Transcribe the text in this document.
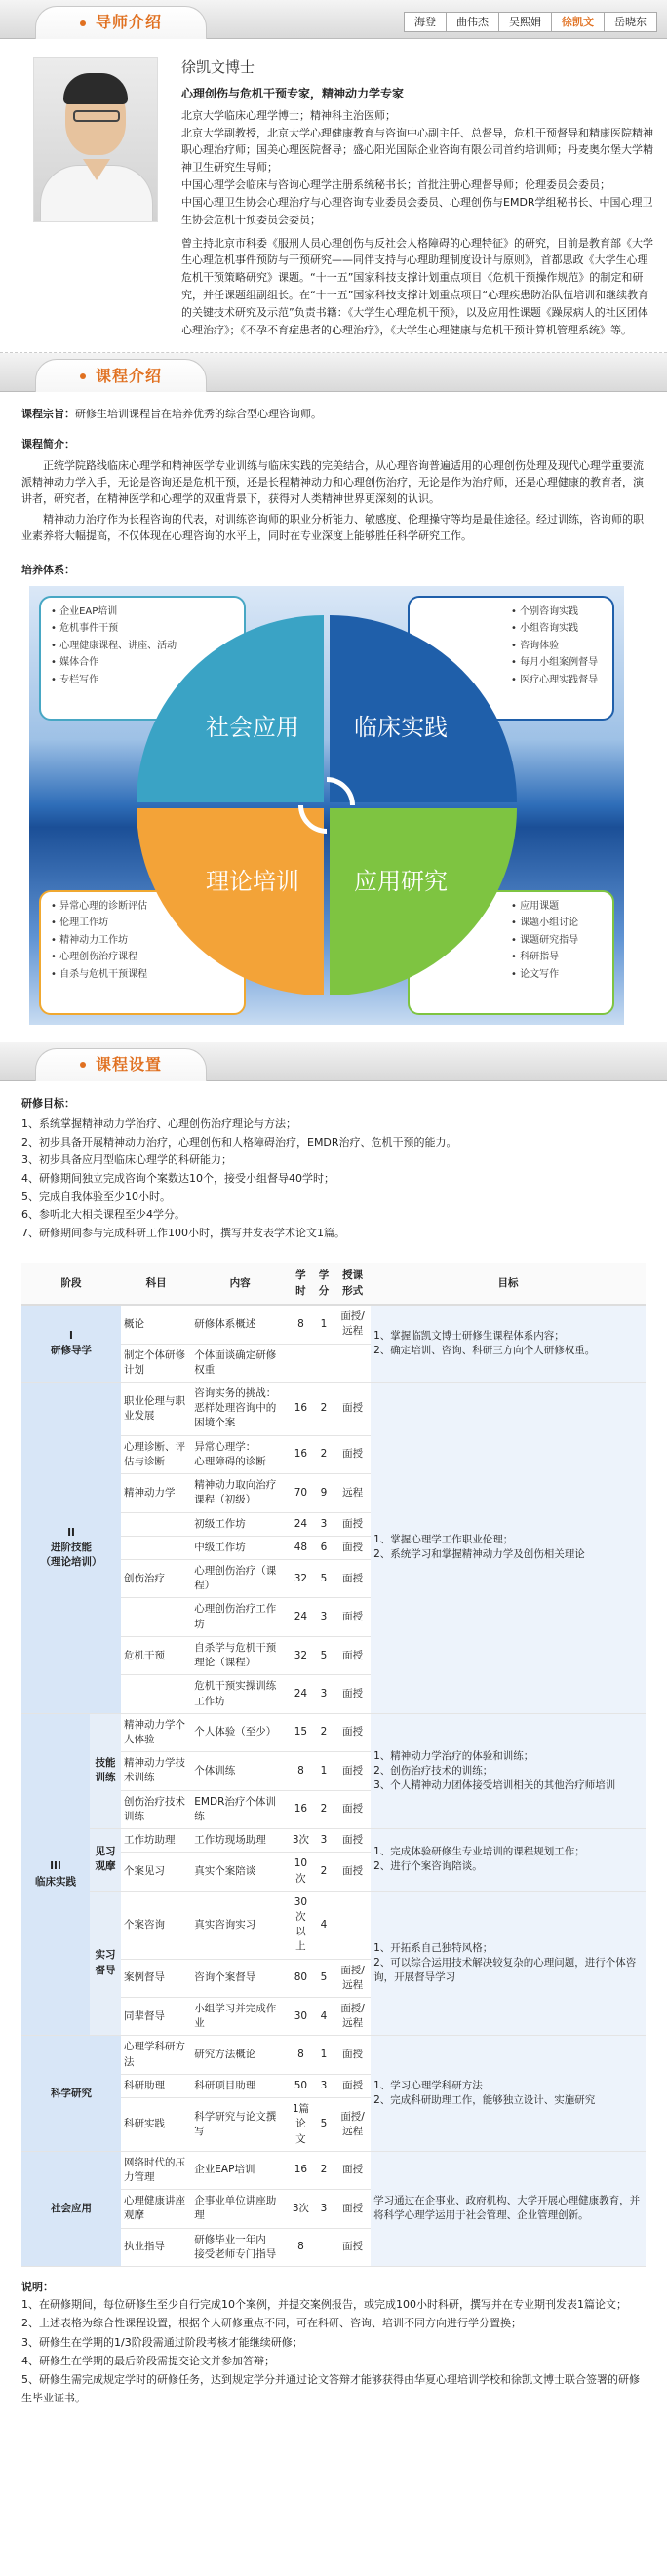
导师介绍	海登	曲伟杰	吴熙娟	徐凯文	岳晓东
徐凯文博士
心理创伤与危机干预专家，精神动力学专家

北京大学临床心理学博士；精神科主治医师；

北京大学副教授，北京大学心理健康教育与咨询中心副主任、总督导，危机干预督导和精康医院精神职心理治疗师；国美心理医院督导；盛心阳光国际企业咨询有限公司首约培训师；丹麦奥尔堡大学精神卫生研究生导师；

中国心理学会临床与咨询心理学注册系统秘书长；首批注册心理督导师；伦理委员会委员；

中国心理卫生协会心理治疗与心理咨询专业委员会委员、心理创伤与EMDR学组秘书长、中国心理卫生协会危机干预委员会委员；

曾主持北京市科委《服刑人员心理创伤与反社会人格障碍的心理特征》的研究，目前是教育部《大学生心理危机事件预防与干预研究——同伴支持与心理助理制度设计与原则》，首都思政《大学生心理危机干预策略研究》课题。“十一五”国家科技支撑计划重点项目《危机干预操作规范》的制定和研究，并任课题组副组长。在“十一五”国家科技支撑计划重点项目“心理疾患防治队伍培训和继续教育的关键技术研究及示范”负责书籍：《大学生心理危机干预》，以及应用性课题《躁尿病人的社区团体心理治疗》；《不孕不育症患者的心理治疗》，《大学生心理健康与危机干预计算机管理系统》等。

课程介绍

课程宗旨：研修生培训课程旨在培养优秀的综合型心理咨询师。

课程简介：

正统学院路线临床心理学和精神医学专业训练与临床实践的完美结合，从心理咨询普遍适用的心理创伤处理及现代心理学重要流派精神动力学入手，无论是咨询还是危机干预，还是长程精神动力和心理创伤治疗，无论是作为治疗师，还是心理健康的教育者，演讲者，研究者，在精神医学和心理学的双重背景下，获得对人类精神世界更深刻的认识。

精神动力治疗作为长程咨询的代表，对训练咨询师的职业分析能力、敏感度、伦理操守等均是最佳途径。经过训练，咨询师的职业素养将大幅提高，不仅体现在心理咨询的水平上，同时在专业深度上能够胜任科学研究工作。

培养体系：
• 企业EAP培训
• 危机事件干预
• 心理健康课程、讲座、活动
• 媒体合作
• 专栏写作
• 个别咨询实践
• 小组咨询实践
• 咨询体验
• 每月小组案例督导
• 医疗心理实践督导
• 异常心理的诊断评估
• 伦理工作坊
• 精神动力工作坊
• 心理创伤治疗课程
• 自杀与危机干预课程
• 应用课题
• 课题小组讨论
• 课题研究指导
• 科研指导
• 论文写作
社会应用 临床实践
理论培训 应用研究
课程设置
研修目标：
1、系统掌握精神动力学治疗、心理创伤治疗理论与方法；
2、初步具备开展精神动力治疗，心理创伤和人格障碍治疗，EMDR治疗、危机干预的能力。
3、初步具备应用型临床心理学的科研能力；
4、研修期间独立完成咨询个案数达10个，接受小组督导40学时；
5、完成自我体验至少10小时。
6、参听北大相关课程至少4学分。
7、研修期间参与完成科研工作100小时，撰写并发表学术论文1篇。
阶段		科目	内容	学时	学分	授课形式	目标
I
研修导学		概论	研修体系概述	8	1	面授/远程	1、掌握临凯文博士研修生课程体系内容；
2、确定培训、咨询、科研三方向个人研修权重。
		制定个体研修计划	个体面谈确定研修权重				
II
进阶技能
（理论培训）		职业伦理与职业发展	咨询实务的挑战：
恶样处理咨询中的困境个案	16	2	面授	1、掌握心理学工作职业伦理；
2、系统学习和掌握精神动力学及创伤相关理论
		心理诊断、评估与诊断	异常心理学：
心理障碍的诊断	16	2	面授	
		精神动力学	精神动力取向治疗课程（初级）	70	9	远程	
			初级工作坊	24	3	面授	
			中级工作坊	48	6	面授	
		创伤治疗	心理创伤治疗（课程）	32	5	面授	
			心理创伤治疗工作坊	24	3	面授	
		危机干预	自杀学与危机干预理论（课程）	32	5	面授	
			危机干预实操训练工作坊	24	3	面授	
III
临床实践	技能训练	精神动力学个人体验	个人体验（至少）	15	2	面授	1、精神动力学治疗的体验和训练；
2、创伤治疗技术的训练；
3、个人精神动力团体接受培训相关的其他治疗师培训
		精神动力学技术训练	个体训练	8	1	面授	
		创伤治疗技术训练	EMDR治疗个体训练	16	2	面授	
	见习观摩	工作坊助理	工作坊现场助理	3次	3	面授	1、完成体验研修生专业培训的课程规划工作；
2、进行个案咨询陪谈。
		个案见习	真实个案陪谈	10次	2	面授	
	实习督导	个案咨询	真实咨询实习	30次
以上	4		1、开拓系自己独特风格；
2、可以综合运用技术解决较复杂的心理问题，进行个体咨询，开展督导学习
		案例督导	咨询个案督导	80	5	面授/远程	
		同辈督导	小组学习并完成作业	30	4	面授/远程	
科学研究		心理学科研方法	研究方法概论	8	1	面授	1、学习心理学科研方法
2、完成科研助理工作，能够独立设计、实施研究
		科研助理	科研项目助理	50	3	面授	
		科研实践	科学研究与论文撰写	1篇
论文	5	面授/远程	
社会应用		网络时代的压力管理	企业EAP培训	16	2	面授	学习通过在企事业、政府机构、大学开展心理健康教育，并将科学心理学运用于社会管理、企业管理创新。
		心理健康讲座观摩	企事业单位讲座助理	3次	3	面授	
		执业指导	研修毕业一年内
接受老师专门指导	8		面授	
说明：
1、在研修期间，每位研修生至少自行完成10个案例，并提交案例报告，或完成100小时科研，撰写并在专业期刊发表1篇论文；
2、上述表格为综合性课程设置，根据个人研修重点不同，可在科研、咨询、培训不同方向进行学分置换；
3、研修生在学期的1/3阶段需通过阶段考核才能继续研修；
4、研修生在学期的最后阶段需提交论文并参加答辩；
5、研修生需完成规定学时的研修任务，达到规定学分并通过论文答辩才能够获得由华夏心理培训学校和徐凯文博士联合签署的研修生毕业证书。
